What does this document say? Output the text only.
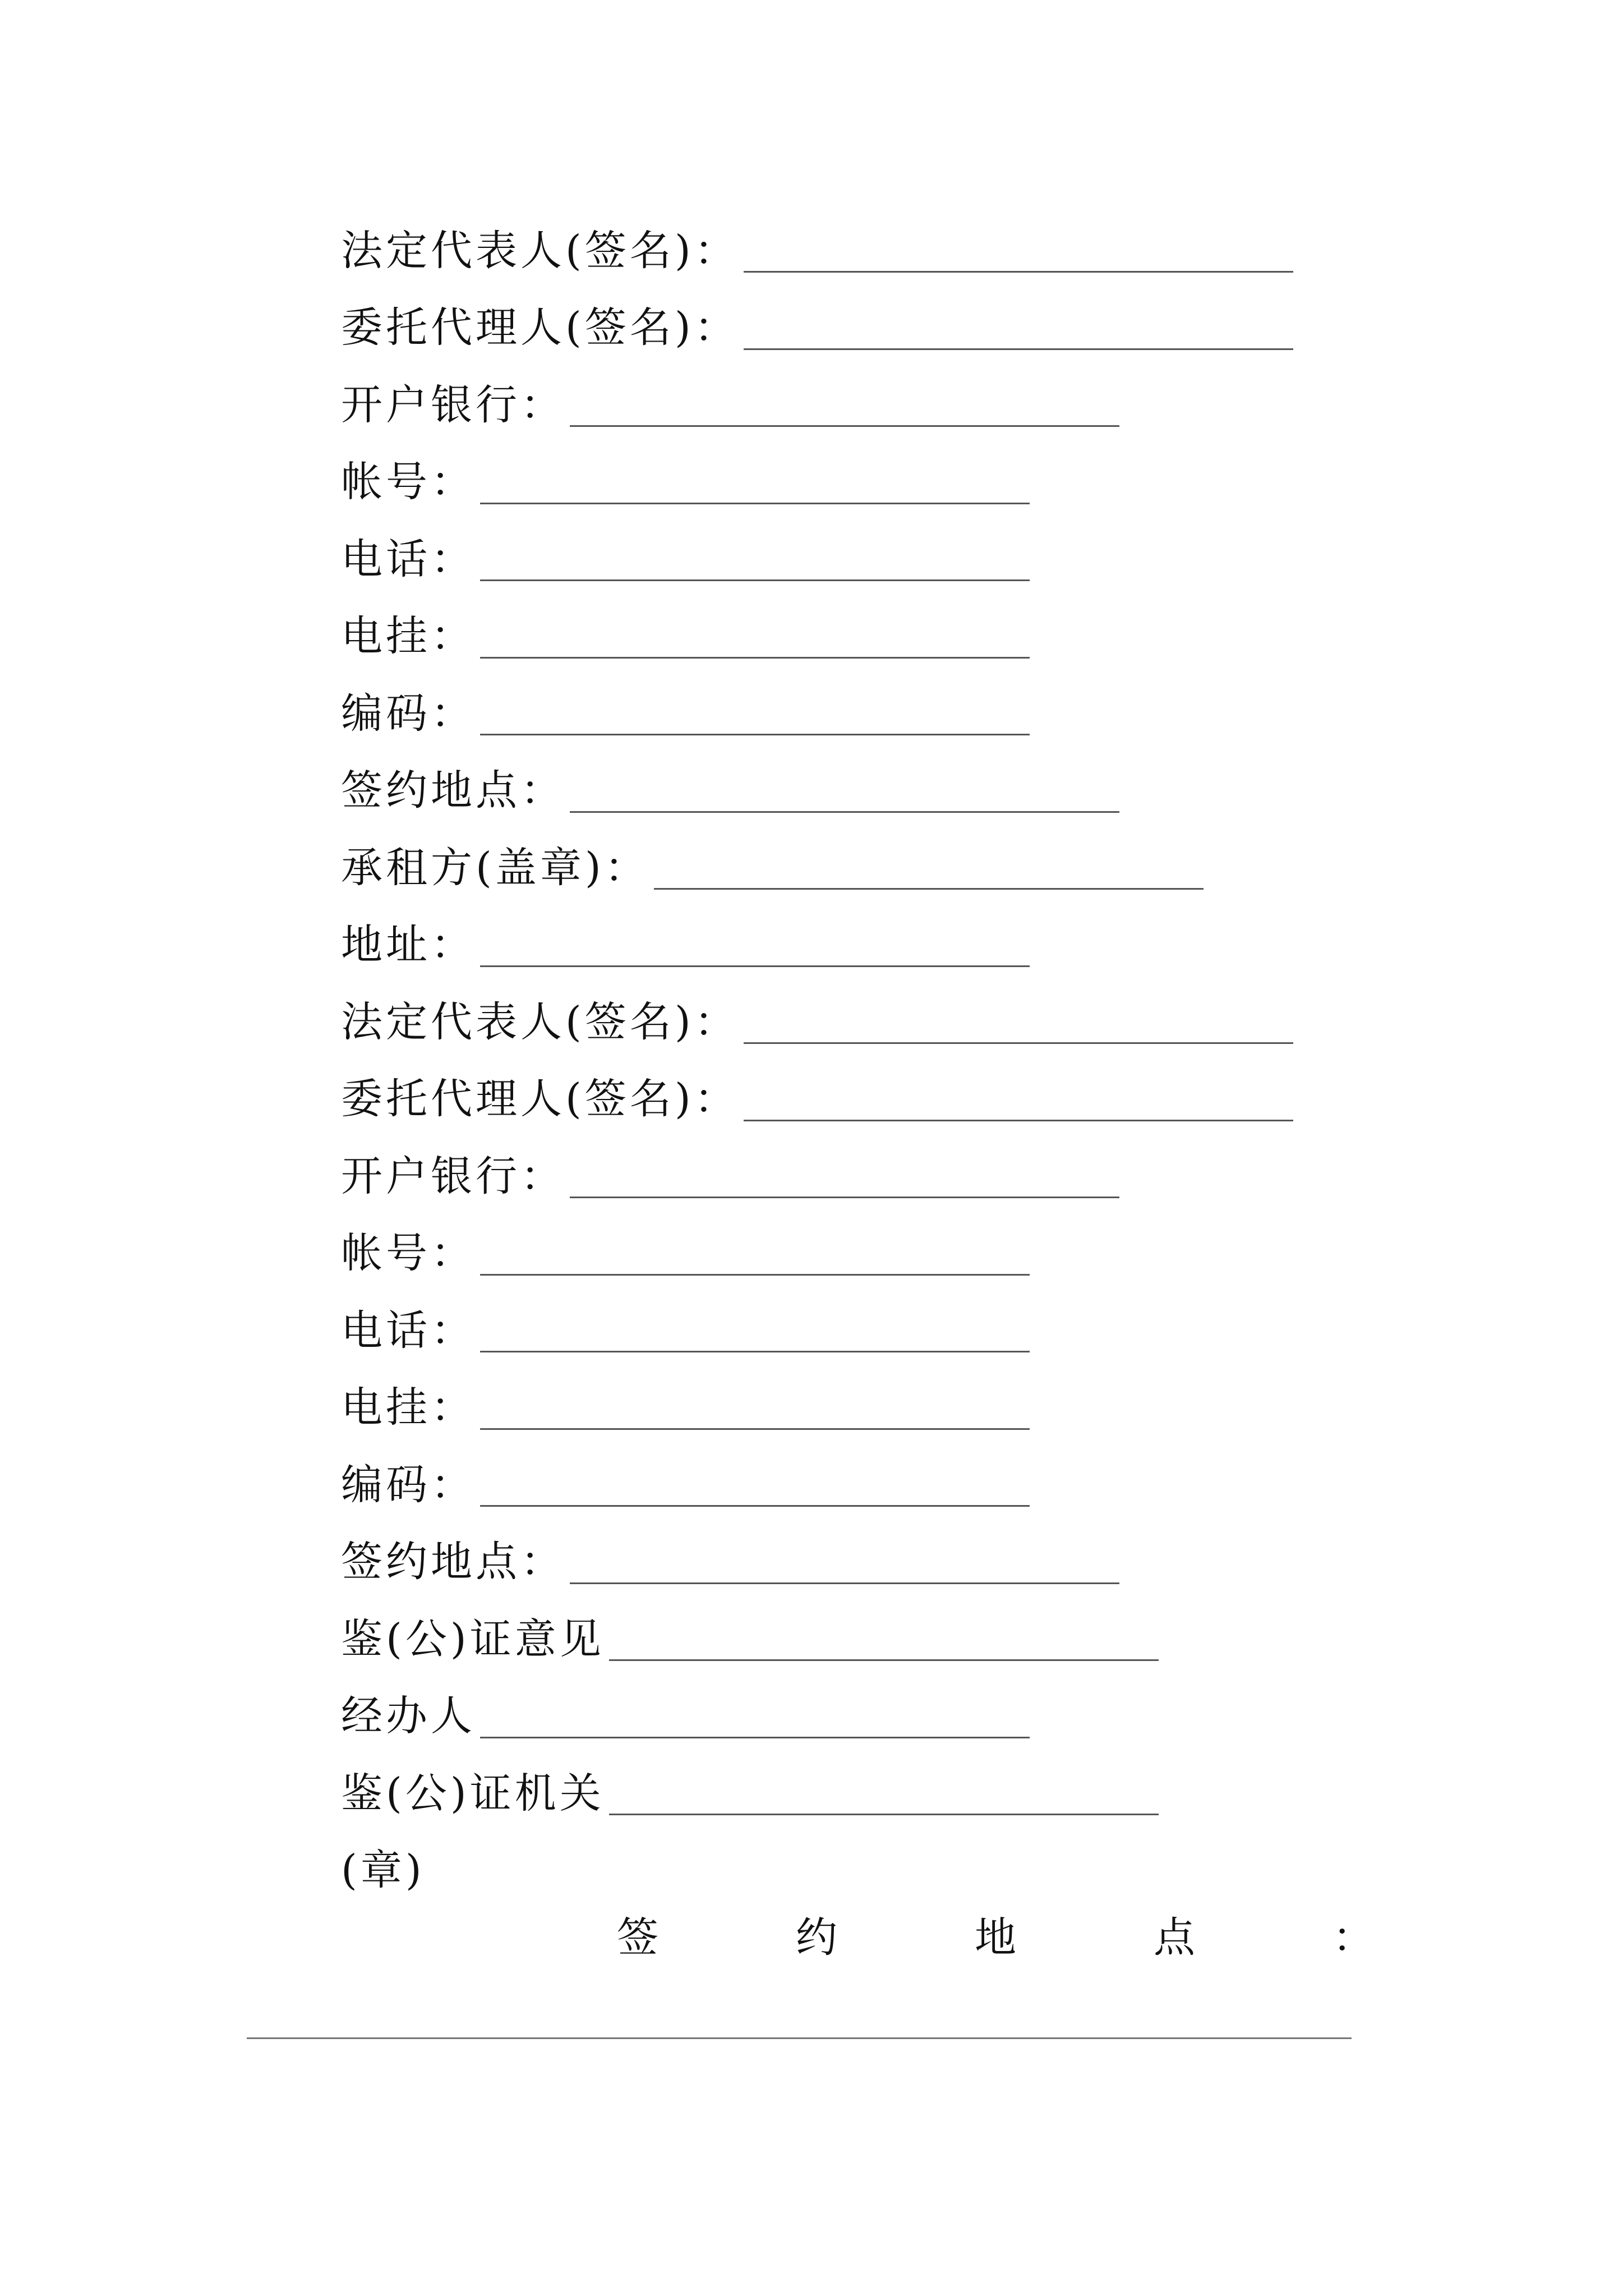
法定代表人(签名)：
委托代理人(签名)：
开户银行：
帐号：
电话：
电挂：
编码：
签约地点：
承租方(盖章)：
地址：
法定代表人(签名)：
委托代理人(签名)：
开户银行：
帐号：
电话：
电挂：
编码：
签约地点：
鉴(公)证意见
经办人
鉴(公)证机关
(章)
签	约	地	点	：
